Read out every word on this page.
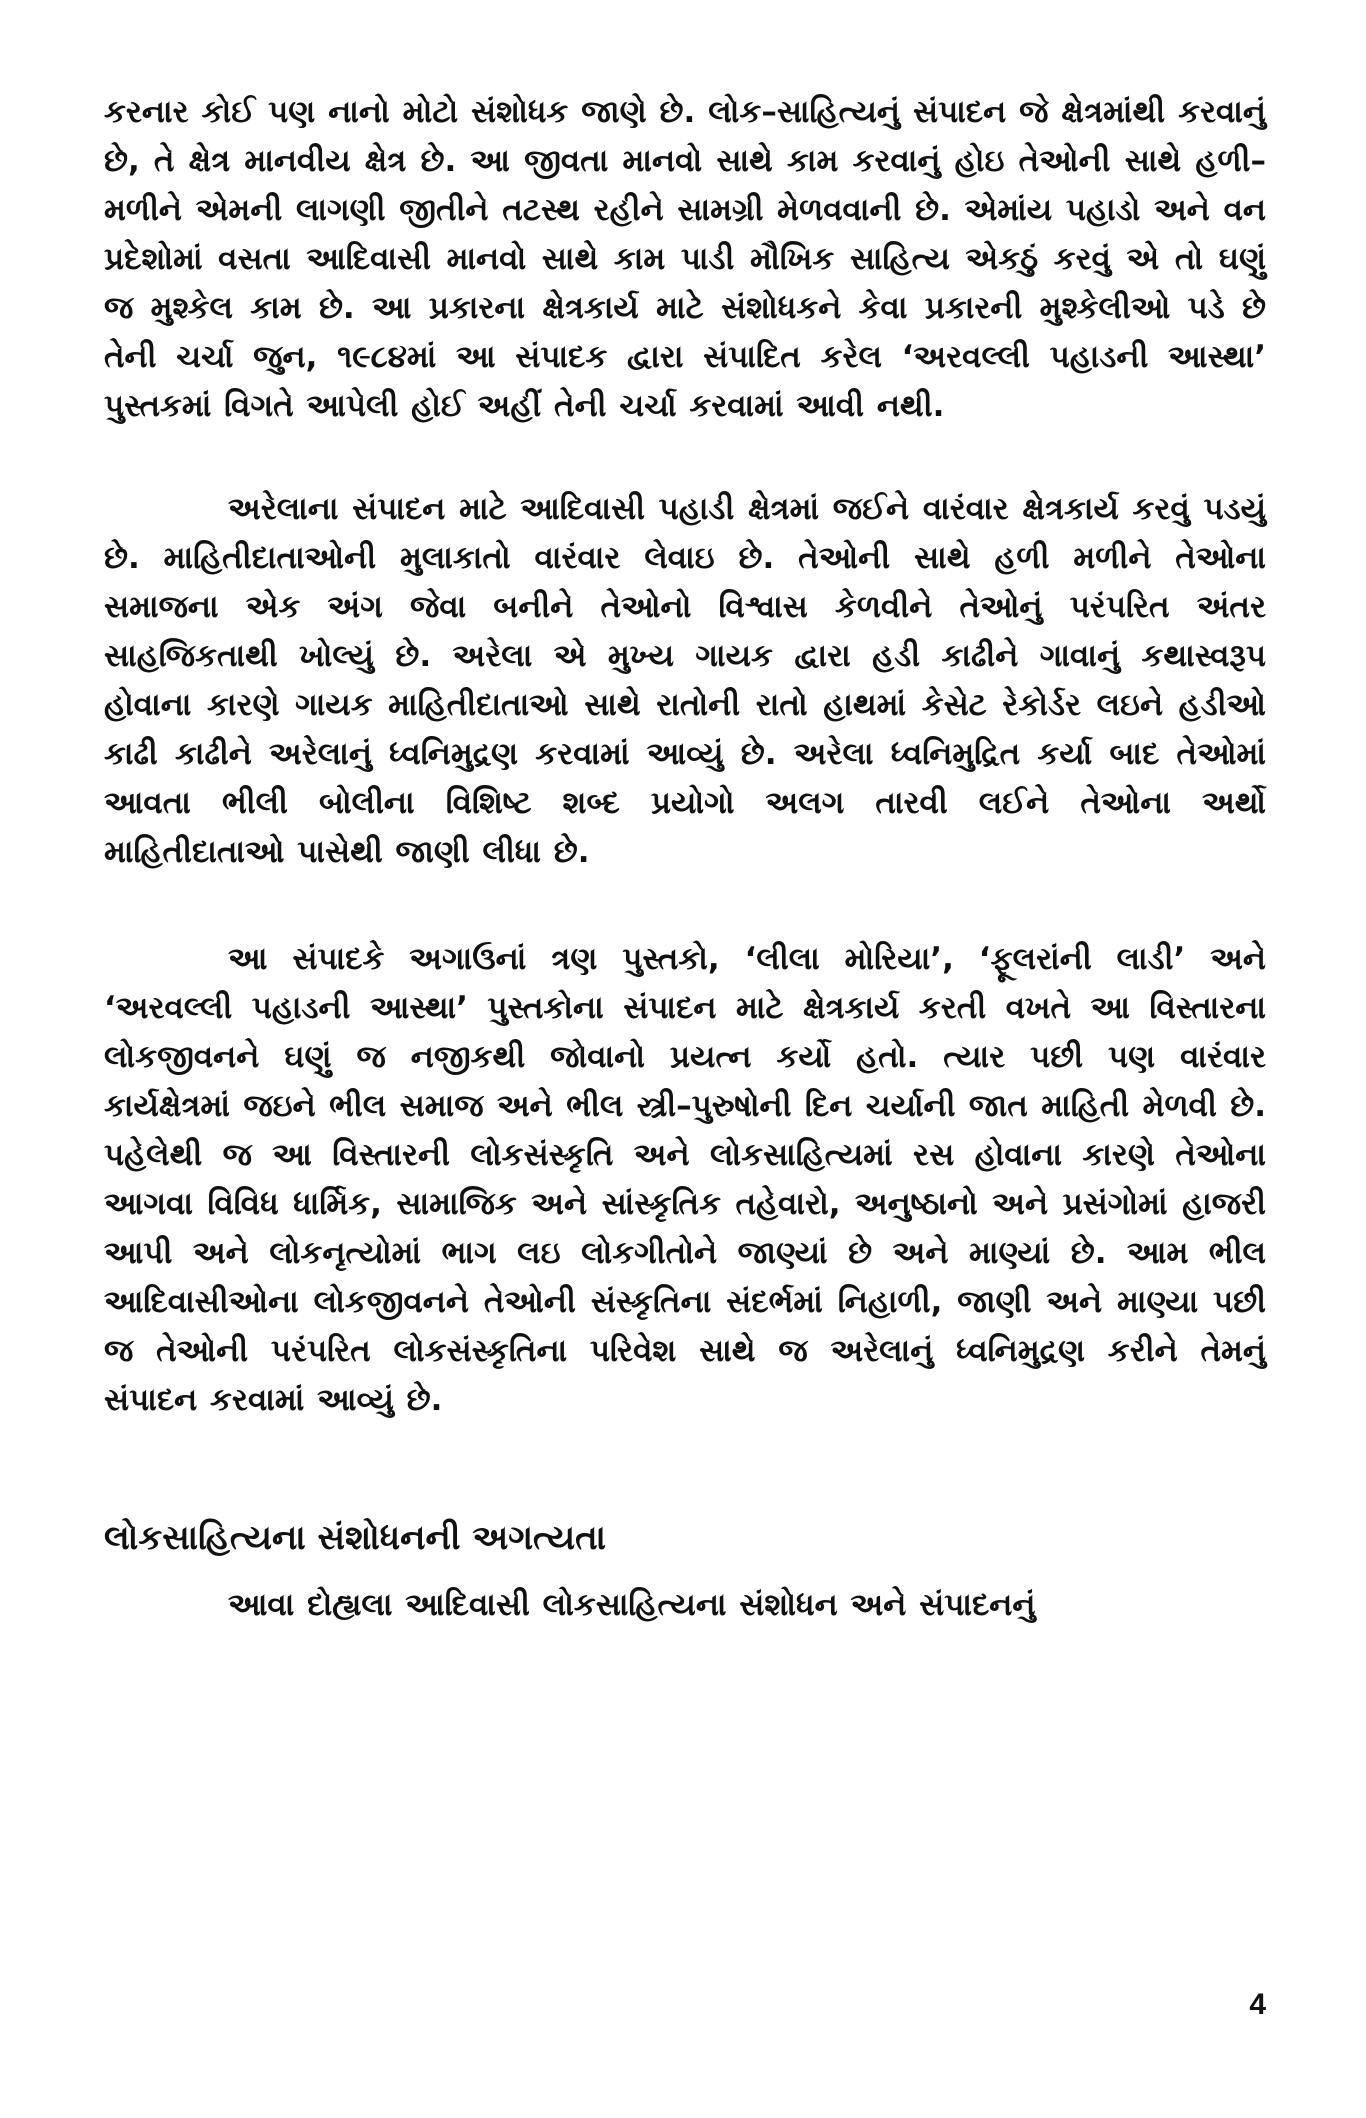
કરનાર કોઈ પણ નાનો મોટો સંશોધક જાણે છે. લોક–સાહિત્યનું સંપાદન જે ક્ષેત્રમાંથી કરવાનું છે, તે ક્ષેત્ર માનવીય ક્ષેત્ર છે. આ જીવતા માનવો સાથે કામ કરવાનું હોઇ તેઓની સાથે હળી–મળીને એમની લાગણી જીતીને તટસ્થ રહીને સામગ્રી મેળવવાની છે. એમાંય પહાડો અને વન પ્રદેશોમાં વસતા આદિવાસી માનવો સાથે કામ પાડી મૌખિક સાહિત્ય એકઠું કરવું એ તો ઘણું જ મુશ્કેલ કામ છે. આ પ્રકારના ક્ષેત્રકાર્ય માટે સંશોધકને કેવા પ્રકારની મુશ્કેલીઓ પડે છે તેની ચર્ચા જુન, ૧૯૮૪માં આ સંપાદક દ્વારા સંપાદિત કરેલ ‘અરવલ્લી પહાડની આસ્થા’ પુસ્તકમાં વિગતે આપેલી હોઈ અહીં તેની ચર્ચા કરવામાં આવી નથી.

અરેલાના સંપાદન માટે આદિવાસી પહાડી ક્ષેત્રમાં જઈને વારંવાર ક્ષેત્રકાર્ય કરવું પડયું છે. માહિતીદાતાઓની મુલાકાતો વારંવાર લેવાઇ છે. તેઓની સાથે હળી મળીને તેઓના સમાજના એક અંગ જેવા બનીને તેઓનો વિશ્વાસ કેળવીને તેઓનું પરંપરિત અંતર સાહજિકતાથી ખોલ્યું છે. અરેલા એ મુખ્ય ગાયક દ્વારા હડી કાઢીને ગાવાનું કથાસ્વરૂપ હોવાના કારણે ગાયક માહિતીદાતાઓ સાથે રાતોની રાતો હાથમાં કેસેટ રેકોર્ડર લઇને હડીઓ કાઢી કાઢીને અરેલાનું ધ્વનિમુદ્રણ કરવામાં આવ્યું છે. અરેલા ધ્વનિમુદ્રિત કર્યા બાદ તેઓમાં આવતા ભીલી બોલીના વિશિષ્ટ શબ્દ પ્રયોગો અલગ તારવી લઈને તેઓના અર્થો માહિતીદાતાઓ પાસેથી જાણી લીધા છે.

આ સંપાદકે અગાઉનાં ત્રણ પુસ્તકો, ‘લીલા મોરિયા’, ‘ફૂલરાંની લાડી’ અને ‘અરવલ્લી પહાડની આસ્થા’ પુસ્તકોના સંપાદન માટે ક્ષેત્રકાર્ય કરતી વખતે આ વિસ્તારના લોકજીવનને ઘણું જ નજીકથી જોવાનો પ્રયત્ન કર્યો હતો. ત્યાર પછી પણ વારંવાર કાર્યક્ષેત્રમાં જઇને ભીલ સમાજ અને ભીલ સ્ત્રી–પુરુષોની દિન ચર્યાની જાત માહિતી મેળવી છે. પહેલેથી જ આ વિસ્તારની લોકસંસ્કૃતિ અને લોકસાહિત્યમાં રસ હોવાના કારણે તેઓના આગવા વિવિધ ધાર્મિક, સામાજિક અને સાંસ્કૃતિક તહેવારો, અનુષ્ઠાનો અને પ્રસંગોમાં હાજરી આપી અને લોકનૃત્યોમાં ભાગ લઇ લોકગીતોને જાણ્યાં છે અને માણ્યાં છે. આમ ભીલ આદિવાસીઓના લોકજીવનને તેઓની સંસ્કૃતિના સંદર્ભમાં નિહાળી, જાણી અને માણ્યા પછી જ તેઓની પરંપરિત લોકસંસ્કૃતિના પરિવેશ સાથે જ અરેલાનું ધ્વનિમુદ્રણ કરીને તેમનું સંપાદન કરવામાં આવ્યું છે.

લોકસાહિત્યના સંશોધનની અગત્યતા

આવા દોહ્યલા આદિવાસી લોકસાહિત્યના સંશોધન અને સંપાદનનું

4
